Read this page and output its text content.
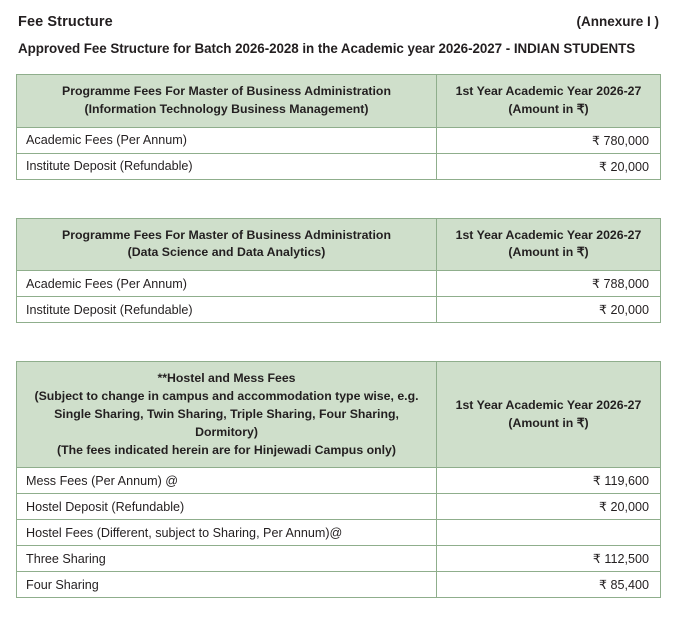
Fee Structure	(Annexure I )
Approved Fee Structure for Batch 2026-2028 in the Academic year 2026-2027 - INDIAN STUDENTS
Programme Fees For Master of Business Administration
(Information Technology Business Management)	1st Year Academic Year 2026-27
(Amount in ₹)

Academic Fees (Per Annum)	₹ 780,000
Institute Deposit (Refundable)	₹ 20,000
Programme Fees For Master of Business Administration
(Data Science and Data Analytics)	1st Year Academic Year 2026-27
(Amount in ₹)

Academic Fees (Per Annum)	₹ 788,000
Institute Deposit (Refundable)	₹ 20,000
**Hostel and Mess Fees
(Subject to change in campus and accommodation type wise, e.g.
Single Sharing, Twin Sharing, Triple Sharing, Four Sharing, Dormitory)
(The fees indicated herein are for Hinjewadi Campus only)	1st Year Academic Year 2026-27
(Amount in ₹)

Mess Fees (Per Annum) @	₹ 119,600
Hostel Deposit (Refundable)	₹ 20,000
Hostel Fees (Different, subject to Sharing, Per Annum)@	
Three Sharing	₹ 112,500
Four Sharing	₹ 85,400
